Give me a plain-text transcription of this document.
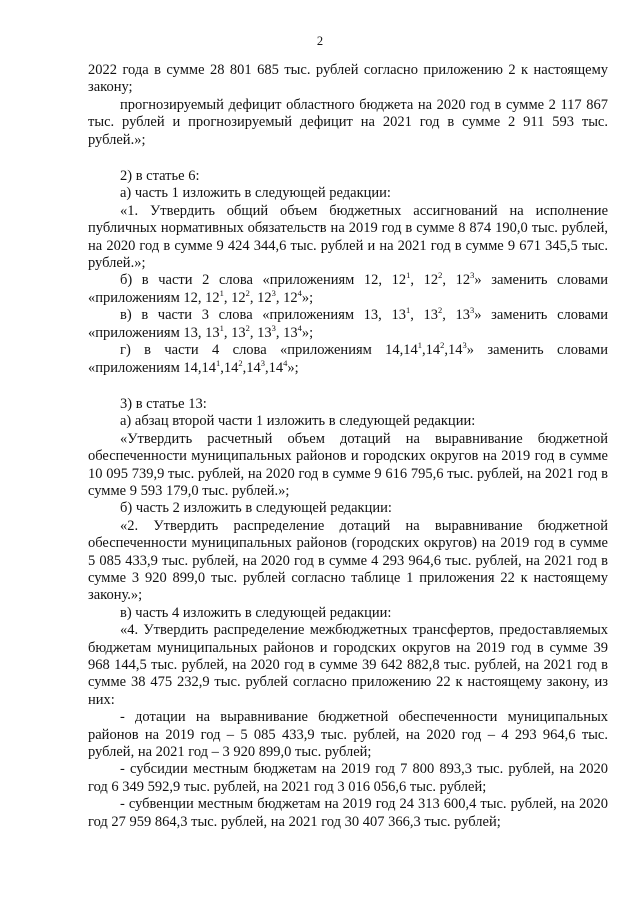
2

2022 года в сумме 28 801 685 тыс. рублей согласно приложению 2 к настоящему закону;

прогнозируемый дефицит областного бюджета на 2020 год в сумме 2 117 867 тыс. рублей и прогнозируемый дефицит на 2021 год в сумме 2 911 593 тыс. рублей.»;

2) в статье 6:

а) часть 1 изложить в следующей редакции:

«1. Утвердить общий объем бюджетных ассигнований на исполнение публичных нормативных обязательств на 2019 год в сумме 8 874 190,0 тыс. рублей, на 2020 год в сумме 9 424 344,6 тыс. рублей и на 2021 год в сумме 9 671 345,5 тыс. рублей.»;

б) в части 2 слова «приложениям 12, $12^1$, $12^2$, $12^3$» заменить словами «приложениям 12, $12^1$, $12^2$, $12^3$, $12^4$»;

в) в части 3 слова «приложениям 13, $13^1$, $13^2$, $13^3$» заменить словами «приложениям 13, $13^1$, $13^2$, $13^3$, $13^4$»;

г) в части 4 слова «приложениям $14,14^1,14^2,14^3$» заменить словами «приложениям $14,14^1,14^2,14^3,14^4$»;

3) в статье 13:

а) абзац второй части 1 изложить в следующей редакции:

«Утвердить расчетный объем дотаций на выравнивание бюджетной обеспеченности муниципальных районов и городских округов на 2019 год в сумме 10 095 739,9 тыс. рублей, на 2020 год в сумме 9 616 795,6 тыс. рублей, на 2021 год в сумме 9 593 179,0 тыс. рублей.»;

б) часть 2 изложить в следующей редакции:

«2. Утвердить распределение дотаций на выравнивание бюджетной обеспеченности муниципальных районов (городских округов) на 2019 год в сумме 5 085 433,9 тыс. рублей, на 2020 год в сумме 4 293 964,6 тыс. рублей, на 2021 год в сумме 3 920 899,0 тыс. рублей согласно таблице 1 приложения 22 к настоящему закону.»;

в) часть 4 изложить в следующей редакции:

«4. Утвердить распределение межбюджетных трансфертов, предоставляемых бюджетам муниципальных районов и городских округов на 2019 год в сумме 39 968 144,5 тыс. рублей, на 2020 год в сумме 39 642 882,8 тыс. рублей, на 2021 год в сумме 38 475 232,9 тыс. рублей согласно приложению 22 к настоящему закону, из них:

- дотации на выравнивание бюджетной обеспеченности муниципальных районов на 2019 год – 5 085 433,9 тыс. рублей, на 2020 год – 4 293 964,6 тыс. рублей, на 2021 год – 3 920 899,0 тыс. рублей;

- субсидии местным бюджетам на 2019 год 7 800 893,3 тыс. рублей, на 2020 год 6 349 592,9 тыс. рублей, на 2021 год 3 016 056,6 тыс. рублей;

- субвенции местным бюджетам на 2019 год 24 313 600,4 тыс. рублей, на 2020 год 27 959 864,3 тыс. рублей, на 2021 год 30 407 366,3 тыс. рублей;
